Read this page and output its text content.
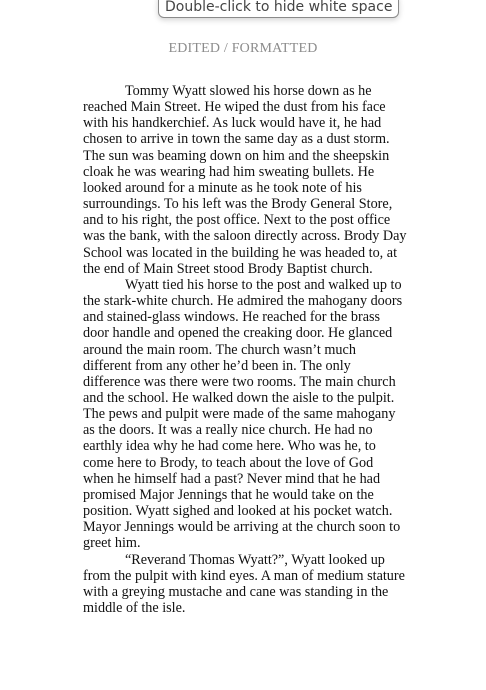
Double-click to hide white space
EDITED / FORMATTED

Tommy Wyatt slowed his horse down as he reached Main Street. He wiped the dust from his face with his handkerchief. As luck would have it, he had chosen to arrive in town the same day as a dust storm. The sun was beaming down on him and the sheepskin cloak he was wearing had him sweating bullets. He looked around for a minute as he took note of his surroundings. To his left was the Brody General Store, and to his right, the post office. Next to the post office was the bank, with the saloon directly across. Brody Day School was located in the building he was headed to, at the end of Main Street stood Brody Baptist church.

Wyatt tied his horse to the post and walked up to the stark-white church. He admired the mahogany doors and stained-glass windows. He reached for the brass door handle and opened the creaking door. He glanced around the main room. The church wasn’t much different from any other he’d been in. The only difference was there were two rooms. The main church and the school. He walked down the aisle to the pulpit. The pews and pulpit were made of the same mahogany as the doors. It was a really nice church. He had no earthly idea why he had come here. Who was he, to come here to Brody, to teach about the love of God when he himself had a past? Never mind that he had promised Major Jennings that he would take on the position. Wyatt sighed and looked at his pocket watch. Mayor Jennings would be arriving at the church soon to greet him.

“Reverand Thomas Wyatt?”, Wyatt looked up from the pulpit with kind eyes. A man of medium stature with a greying mustache and cane was standing in the middle of the isle.
